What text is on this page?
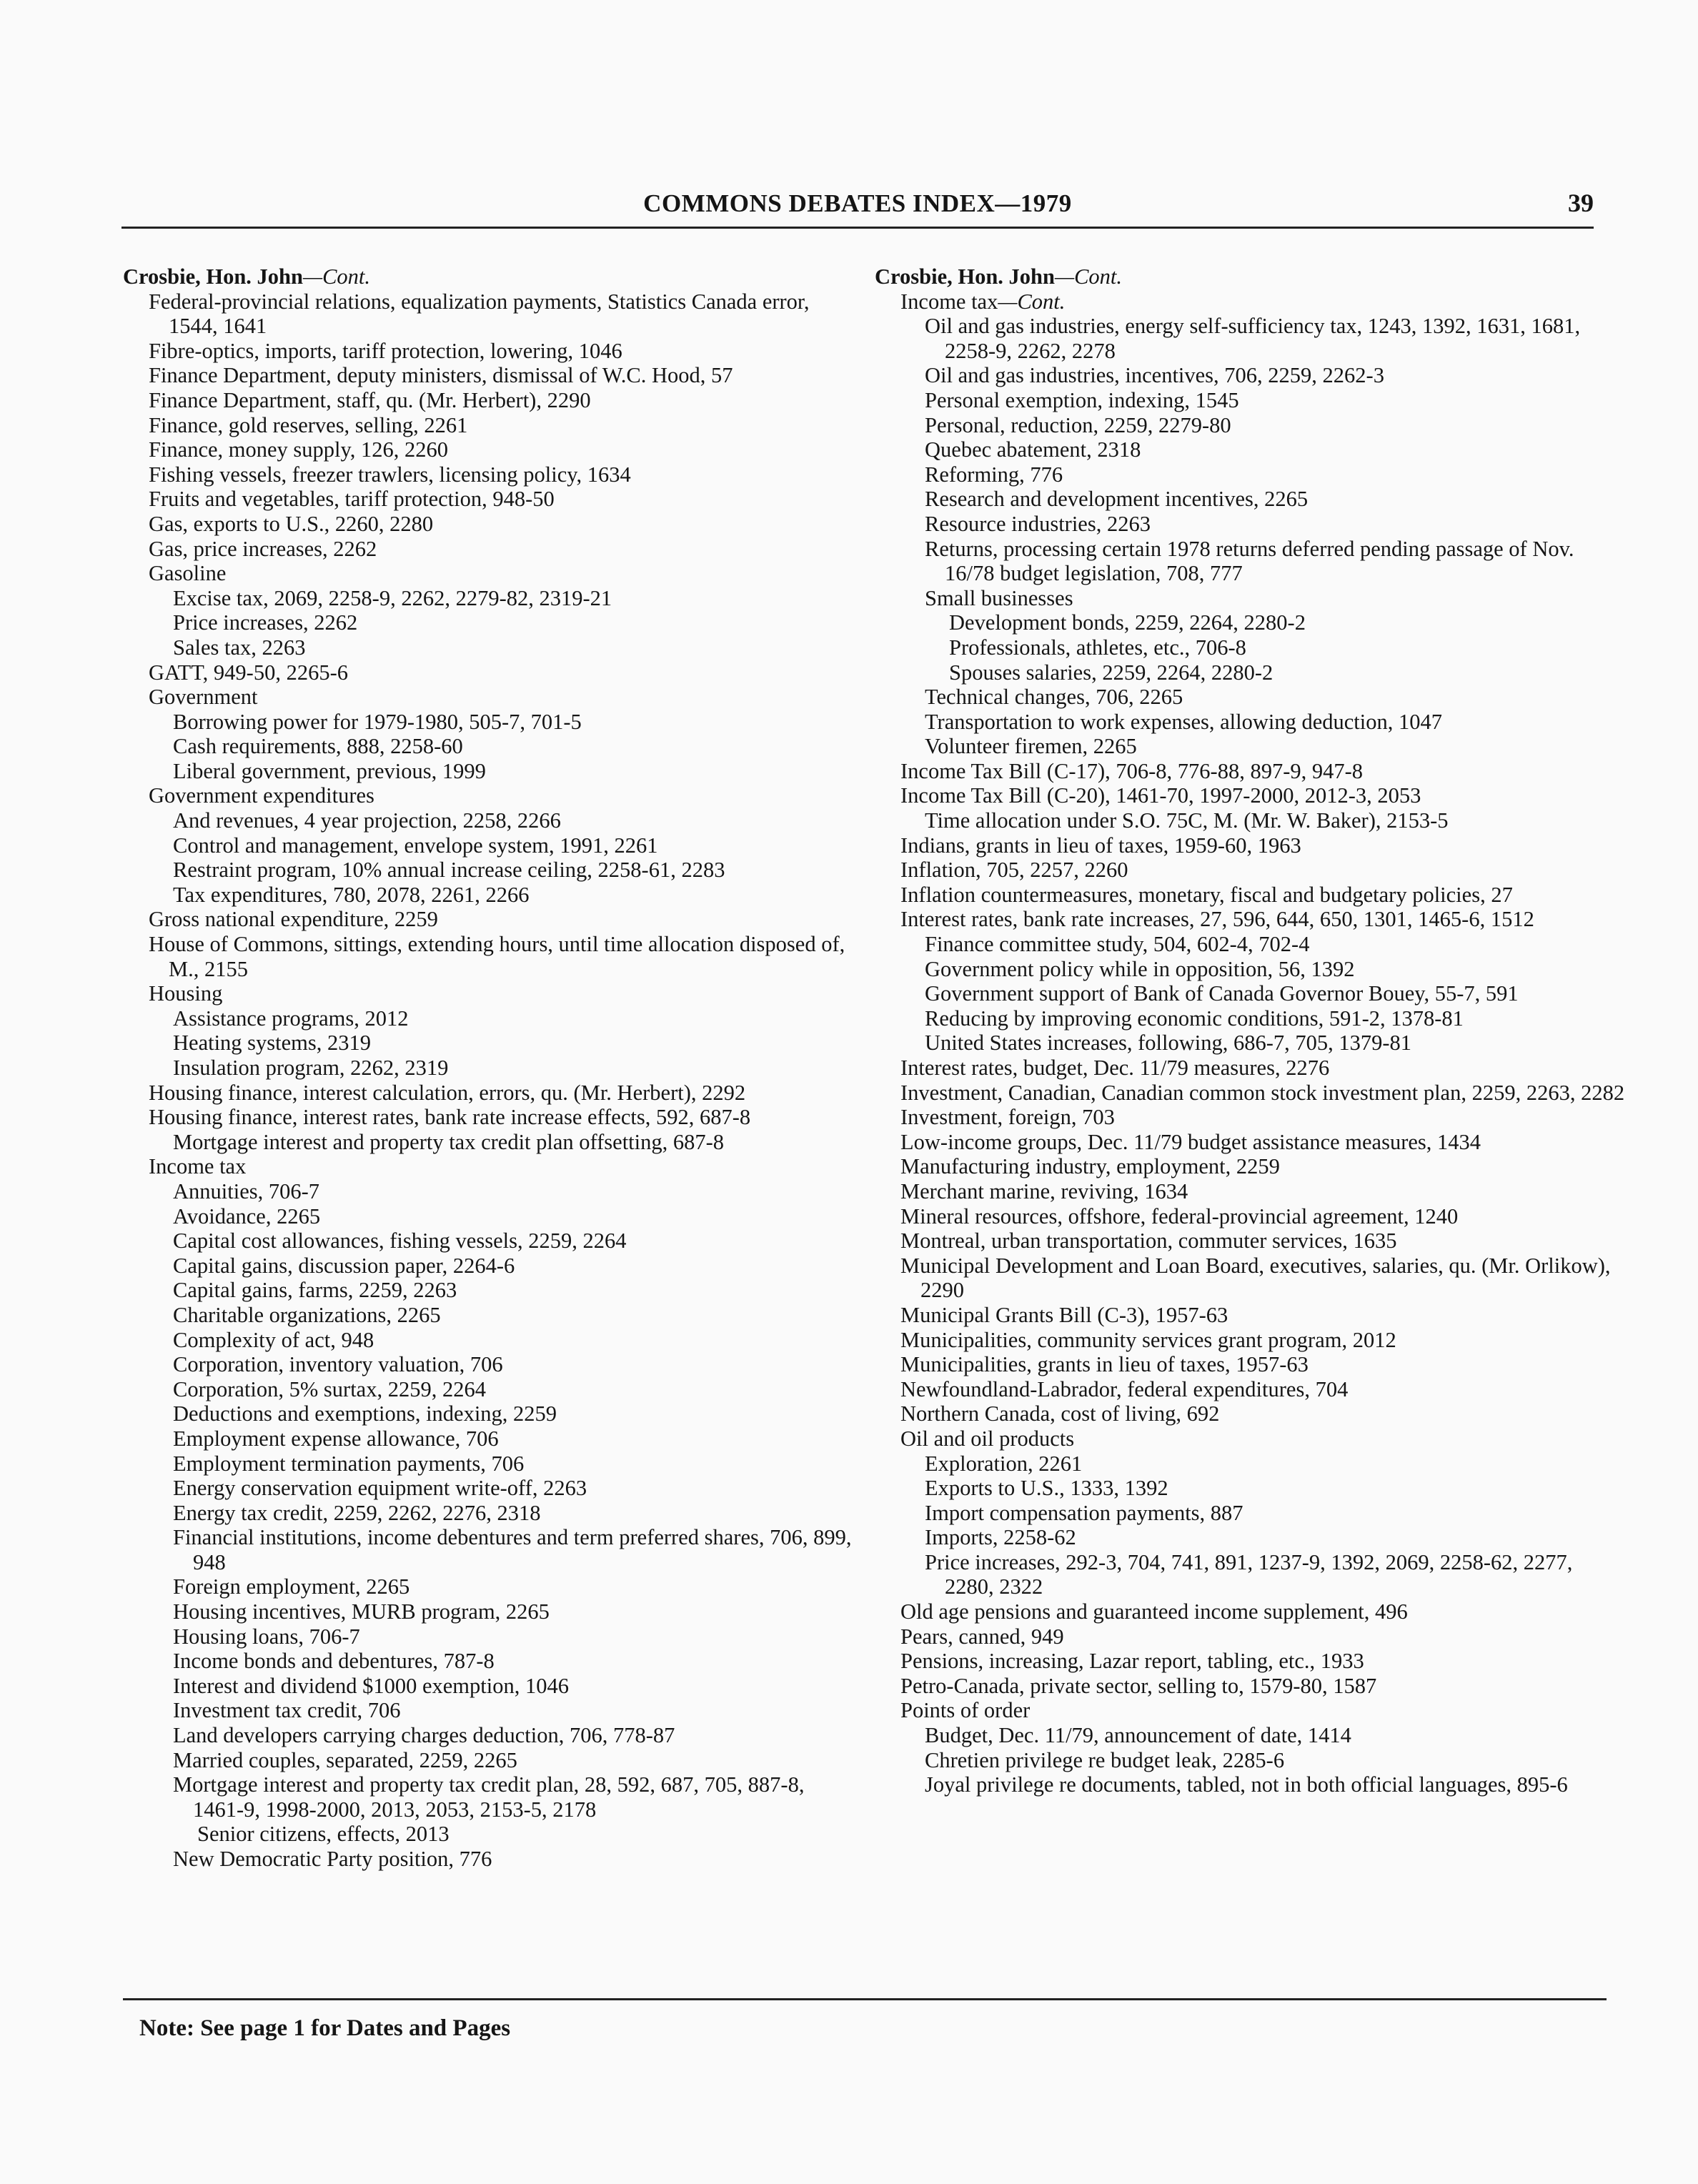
COMMONS DEBATES INDEX—1979	39
Crosbie, Hon. John—Cont.
Federal-provincial relations, equalization payments, Statistics Canada error, 1544, 1641
Fibre-optics, imports, tariff protection, lowering, 1046
Finance Department, deputy ministers, dismissal of W.C. Hood, 57
Finance Department, staff, qu. (Mr. Herbert), 2290
Finance, gold reserves, selling, 2261
Finance, money supply, 126, 2260
Fishing vessels, freezer trawlers, licensing policy, 1634
Fruits and vegetables, tariff protection, 948-50
Gas, exports to U.S., 2260, 2280
Gas, price increases, 2262
Gasoline
Excise tax, 2069, 2258-9, 2262, 2279-82, 2319-21
Price increases, 2262
Sales tax, 2263
GATT, 949-50, 2265-6
Government
Borrowing power for 1979-1980, 505-7, 701-5
Cash requirements, 888, 2258-60
Liberal government, previous, 1999
Government expenditures
And revenues, 4 year projection, 2258, 2266
Control and management, envelope system, 1991, 2261
Restraint program, 10% annual increase ceiling, 2258-61, 2283
Tax expenditures, 780, 2078, 2261, 2266
Gross national expenditure, 2259
House of Commons, sittings, extending hours, until time allocation disposed of, M., 2155
Housing
Assistance programs, 2012
Heating systems, 2319
Insulation program, 2262, 2319
Housing finance, interest calculation, errors, qu. (Mr. Herbert), 2292
Housing finance, interest rates, bank rate increase effects, 592, 687-8
Mortgage interest and property tax credit plan offsetting, 687-8
Income tax
Annuities, 706-7
Avoidance, 2265
Capital cost allowances, fishing vessels, 2259, 2264
Capital gains, discussion paper, 2264-6
Capital gains, farms, 2259, 2263
Charitable organizations, 2265
Complexity of act, 948
Corporation, inventory valuation, 706
Corporation, 5% surtax, 2259, 2264
Deductions and exemptions, indexing, 2259
Employment expense allowance, 706
Employment termination payments, 706
Energy conservation equipment write-off, 2263
Energy tax credit, 2259, 2262, 2276, 2318
Financial institutions, income debentures and term preferred shares, 706, 899, 948
Foreign employment, 2265
Housing incentives, MURB program, 2265
Housing loans, 706-7
Income bonds and debentures, 787-8
Interest and dividend $1000 exemption, 1046
Investment tax credit, 706
Land developers carrying charges deduction, 706, 778-87
Married couples, separated, 2259, 2265
Mortgage interest and property tax credit plan, 28, 592, 687, 705, 887-8, 1461-9, 1998-2000, 2013, 2053, 2153-5, 2178
Senior citizens, effects, 2013
New Democratic Party position, 776
Crosbie, Hon. John—Cont.
Income tax—Cont.
Oil and gas industries, energy self-sufficiency tax, 1243, 1392, 1631, 1681, 2258-9, 2262, 2278
Oil and gas industries, incentives, 706, 2259, 2262-3
Personal exemption, indexing, 1545
Personal, reduction, 2259, 2279-80
Quebec abatement, 2318
Reforming, 776
Research and development incentives, 2265
Resource industries, 2263
Returns, processing certain 1978 returns deferred pending passage of Nov. 16/78 budget legislation, 708, 777
Small businesses
Development bonds, 2259, 2264, 2280-2
Professionals, athletes, etc., 706-8
Spouses salaries, 2259, 2264, 2280-2
Technical changes, 706, 2265
Transportation to work expenses, allowing deduction, 1047
Volunteer firemen, 2265
Income Tax Bill (C-17), 706-8, 776-88, 897-9, 947-8
Income Tax Bill (C-20), 1461-70, 1997-2000, 2012-3, 2053
Time allocation under S.O. 75C, M. (Mr. W. Baker), 2153-5
Indians, grants in lieu of taxes, 1959-60, 1963
Inflation, 705, 2257, 2260
Inflation countermeasures, monetary, fiscal and budgetary policies, 27
Interest rates, bank rate increases, 27, 596, 644, 650, 1301, 1465-6, 1512
Finance committee study, 504, 602-4, 702-4
Government policy while in opposition, 56, 1392
Government support of Bank of Canada Governor Bouey, 55-7, 591
Reducing by improving economic conditions, 591-2, 1378-81
United States increases, following, 686-7, 705, 1379-81
Interest rates, budget, Dec. 11/79 measures, 2276
Investment, Canadian, Canadian common stock investment plan, 2259, 2263, 2282
Investment, foreign, 703
Low-income groups, Dec. 11/79 budget assistance measures, 1434
Manufacturing industry, employment, 2259
Merchant marine, reviving, 1634
Mineral resources, offshore, federal-provincial agreement, 1240
Montreal, urban transportation, commuter services, 1635
Municipal Development and Loan Board, executives, salaries, qu. (Mr. Orlikow), 2290
Municipal Grants Bill (C-3), 1957-63
Municipalities, community services grant program, 2012
Municipalities, grants in lieu of taxes, 1957-63
Newfoundland-Labrador, federal expenditures, 704
Northern Canada, cost of living, 692
Oil and oil products
Exploration, 2261
Exports to U.S., 1333, 1392
Import compensation payments, 887
Imports, 2258-62
Price increases, 292-3, 704, 741, 891, 1237-9, 1392, 2069, 2258-62, 2277, 2280, 2322
Old age pensions and guaranteed income supplement, 496
Pears, canned, 949
Pensions, increasing, Lazar report, tabling, etc., 1933
Petro-Canada, private sector, selling to, 1579-80, 1587
Points of order
Budget, Dec. 11/79, announcement of date, 1414
Chretien privilege re budget leak, 2285-6
Joyal privilege re documents, tabled, not in both official languages, 895-6
Note: See page 1 for Dates and Pages
